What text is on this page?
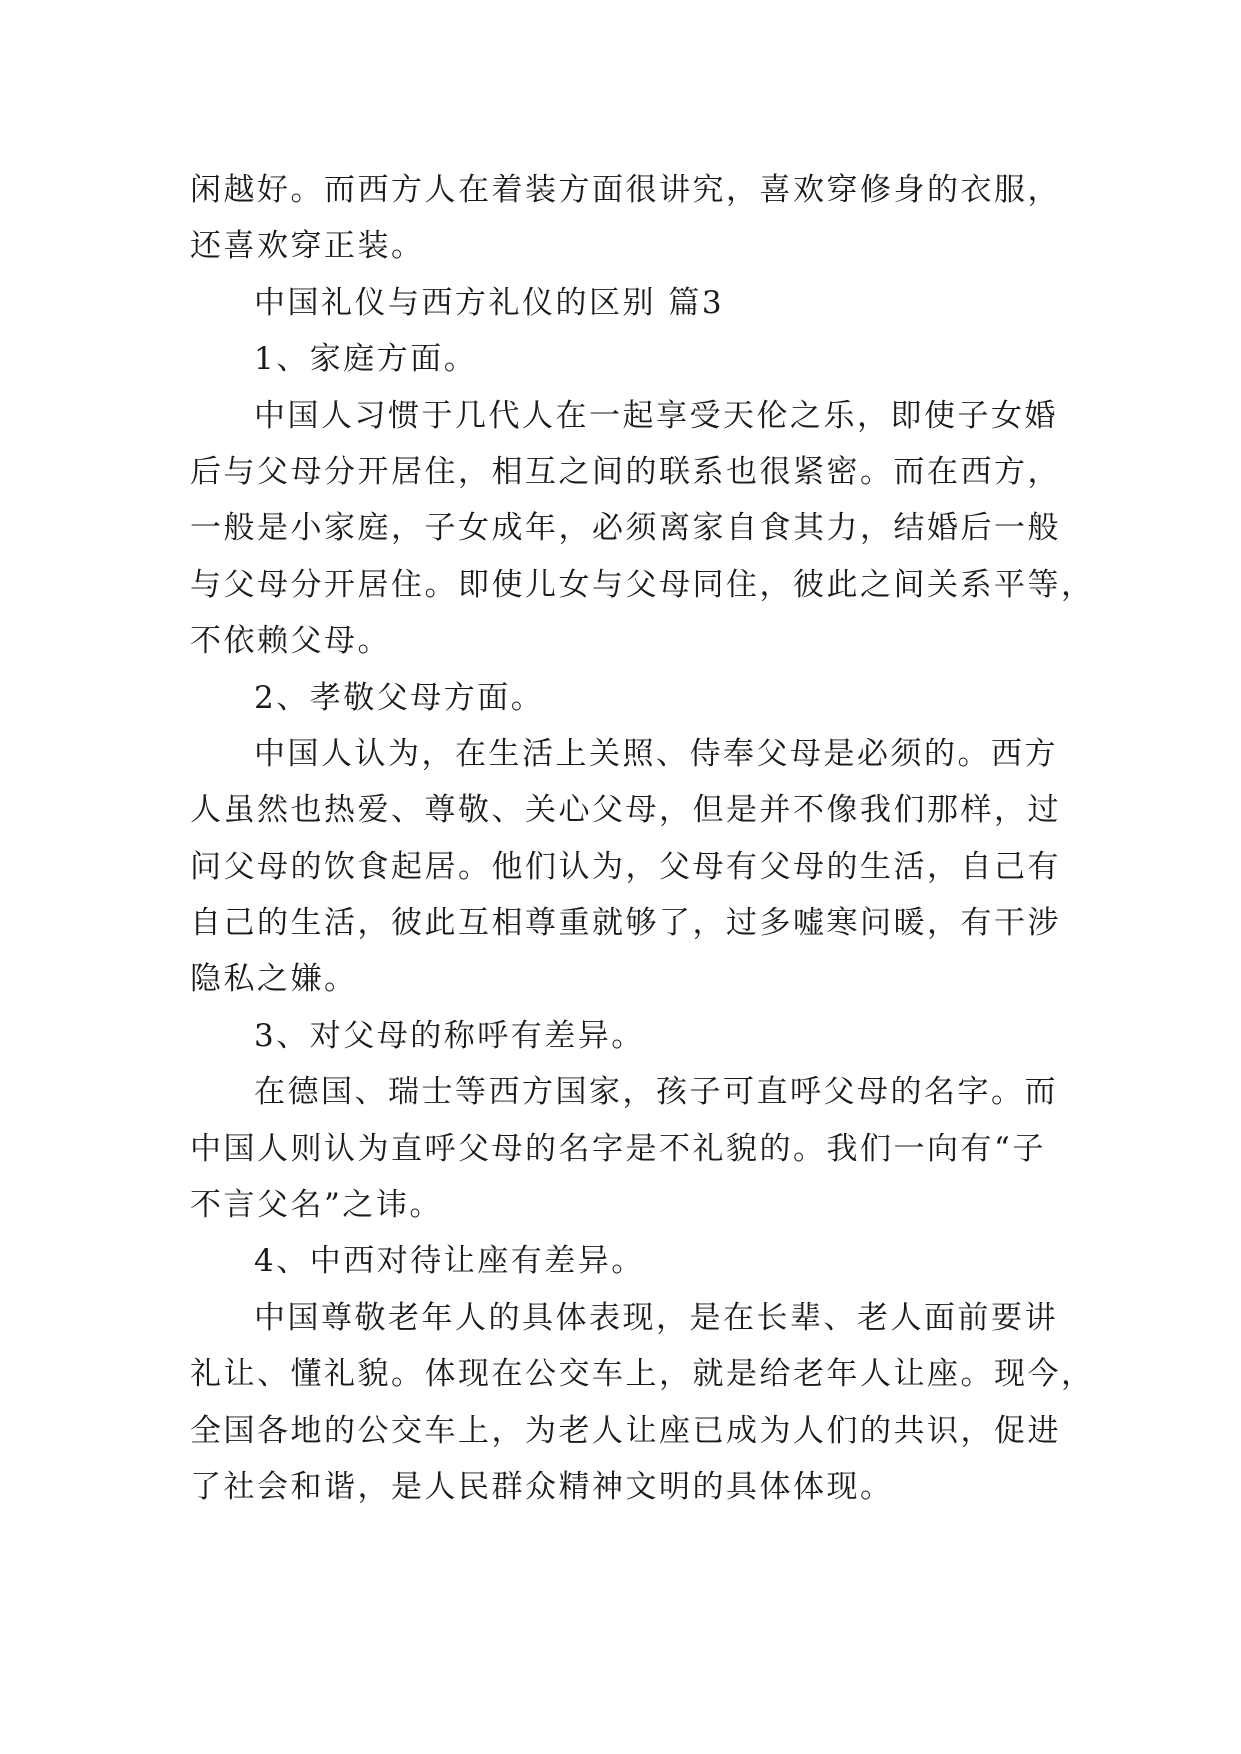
闲越好。而西方人在着装方面很讲究，喜欢穿修身的衣服，
还喜欢穿正装。
中国礼仪与西方礼仪的区别 篇3
1、家庭方面。
中国人习惯于几代人在一起享受天伦之乐，即使子女婚
后与父母分开居住，相互之间的联系也很紧密。而在西方，
一般是小家庭，子女成年，必须离家自食其力，结婚后一般
与父母分开居住。即使儿女与父母同住，彼此之间关系平等，
不依赖父母。
2、孝敬父母方面。
中国人认为，在生活上关照、侍奉父母是必须的。西方
人虽然也热爱、尊敬、关心父母，但是并不像我们那样，过
问父母的饮食起居。他们认为，父母有父母的生活，自己有
自己的生活，彼此互相尊重就够了，过多嘘寒问暖，有干涉
隐私之嫌。
3、对父母的称呼有差异。
在德国、瑞士等西方国家，孩子可直呼父母的名字。而
中国人则认为直呼父母的名字是不礼貌的。我们一向有“子
不言父名”之讳。
4、中西对待让座有差异。
中国尊敬老年人的具体表现，是在长辈、老人面前要讲
礼让、懂礼貌。体现在公交车上，就是给老年人让座。现今，
全国各地的公交车上，为老人让座已成为人们的共识，促进
了社会和谐，是人民群众精神文明的具体体现。
